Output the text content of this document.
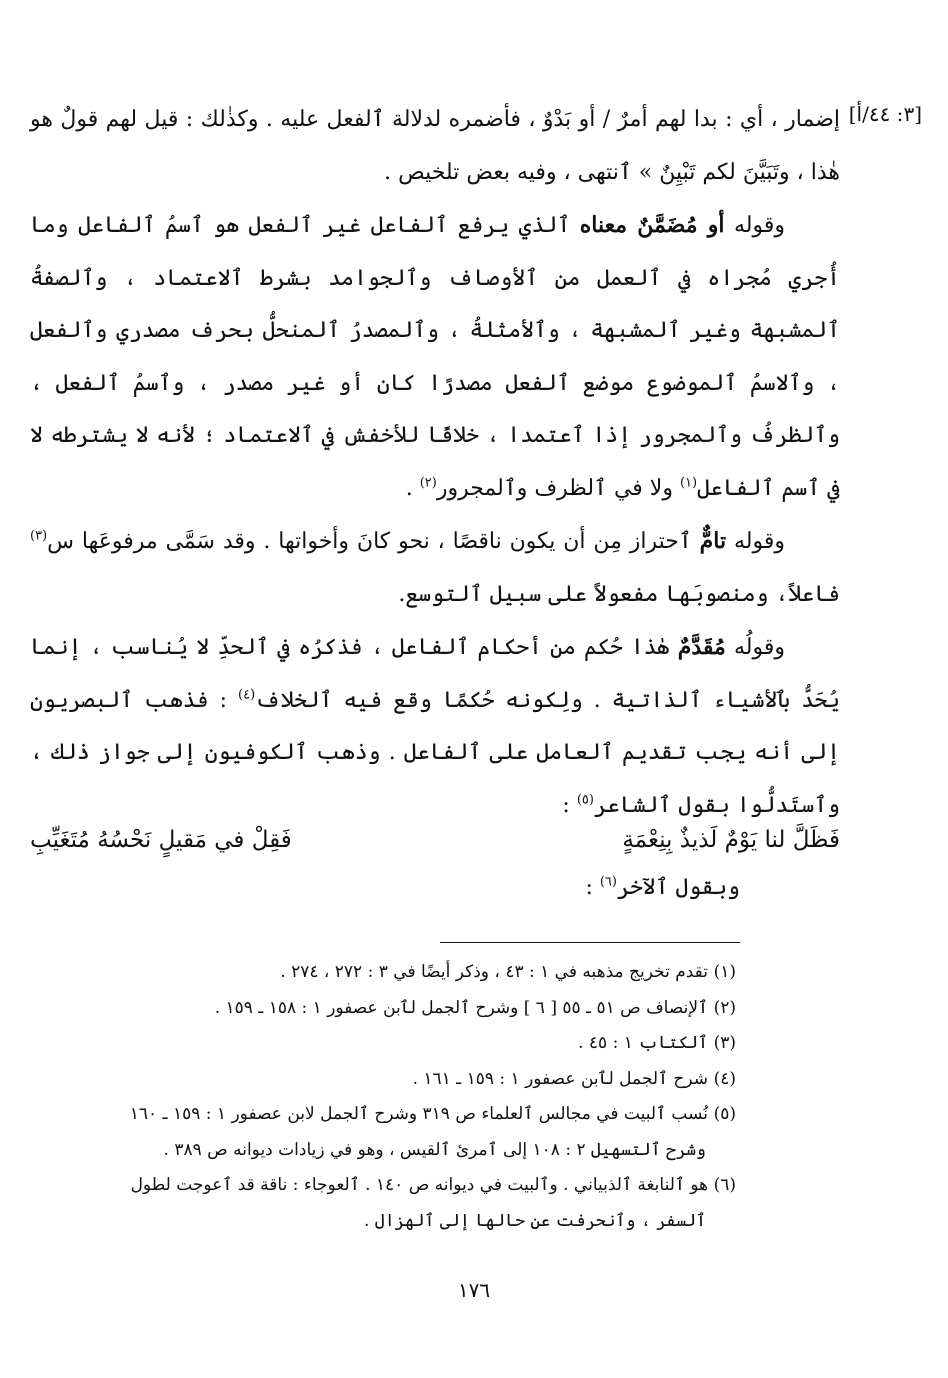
[٣: ٤٤/أ]

إضمار ، أي : بدا لهم أمرٌ / أو بَدْوٌ ، فأضمره لدلالة ٱلفعل عليه . وكذٰلك : قيل لهم قولٌ هو هٰذا ، وتَبَيَّنَ لكم تَبْيِنٌ » ٱنتهى ، وفيه بعض تلخيص .

وقوله أو مُضَمَّنٌ معناه ٱلذي يرفع ٱلفاعل غير ٱلفعل هو ٱسمُ ٱلفاعل وما أُجري مُجراه في ٱلعمل من ٱلأوصاف وٱلجوامد بشرط ٱلاعتماد ، وٱلصفةُ ٱلمشبهة وغير ٱلمشبهة ، وٱلأمثلةُ ، وٱلمصدرُ ٱلمنحلُّ بحرف مصدري وٱلفعل ، وٱلاسمُ ٱلموضوع موضع ٱلفعل مصدرًا كان أو غير مصدر ، وٱسمُ ٱلفعل ، وٱلظرفُ وٱلمجرور إذا ٱعتمدا ، خلافًا للأخفش في ٱلاعتماد ؛ لأنه لا يشترطه لا في ٱسم ٱلفاعل$^{(١)}$ ولا في ٱلظرف وٱلمجرور$^{(٢)}$ .

وقوله تامٌّ ٱحتراز مِن أن يكون ناقصًا ، نحو كانَ وأخواتها . وقد سَمَّى مرفوعَها س$^{(٣)}$ فاعلاً، ومنصوبَها مفعولاً على سبيل ٱلتوسع.

وقولُه مُقَدَّمٌ هٰذا حُكم من أحكام ٱلفاعل ، فذكرُه في ٱلحدِّ لا يُناسب ، إنما يُحَدُّ بٱلأشياء ٱلذاتية . ولِكونه حُكمًا وقع فيه ٱلخلاف$^{(٤)}$ : فذهب ٱلبصريون إلى أنه يجب تقديم ٱلعامل على ٱلفاعل . وذهب ٱلكوفيون إلى جواز ذٰلك ، وٱستَدلُّوا بقول ٱلشاعر$^{(٥)}$ :

فَظَلَّ لنا يَوْمٌ لَذيذٌ بِنِعْمَةٍ
فَقِلْ في مَقيلٍ نَحْسُهُ مُتَغَيِّبِ
وبقول ٱلآخر$^{(٦)}$ :
(١)تقدم تخريج مذهبه في ١ : ٤٣ ، وذكر أيضًا في ٣ : ٢٧٢ ، ٢٧٤ .
(٢)ٱلإنصاف ص ٥١ ـ ٥٥ [ ٦ ] وشرح ٱلجمل لٱبن عصفور ١ : ١٥٨ ـ ١٥٩ .
(٣)ٱلكتاب ١ : ٤٥ .
(٤)شرح ٱلجمل لٱبن عصفور ١ : ١٥٩ ـ ١٦١ .
(٥)نُسب ٱلبيت في مجالس ٱلعلماء ص ٣١٩ وشرح ٱلجمل لابن عصفور ١ : ١٥٩ ـ ١٦٠
وشرح ٱلتسهيل ٢ : ١٠٨ إلى ٱمرئ ٱلقيس ، وهو في زيادات ديوانه ص ٣٨٩ .
(٦)هو ٱلنابغة ٱلذبياني . وٱلبيت في ديوانه ص ١٤٠ . ٱلعوجاء : ناقة قد ٱعوجت لطول
ٱلسفر ، وٱنحرفت عن حالها إلى ٱلهزال .
١٧٦
